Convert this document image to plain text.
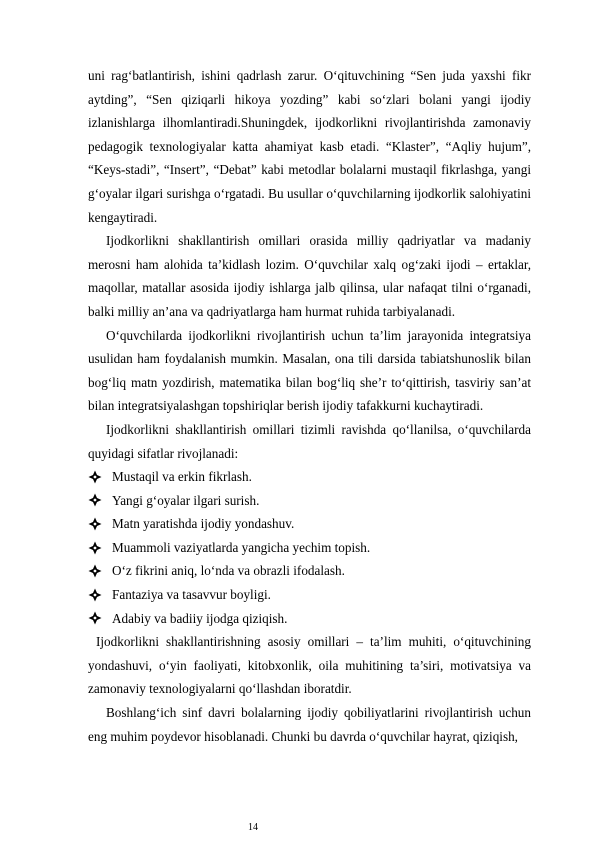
uni rag‘batlantirish, ishini qadrlash zarur. O‘qituvchining “Sen juda yaxshi fikr aytding”, “Sen qiziqarli hikoya yozding” kabi so‘zlari bolani yangi ijodiy izlanishlarga ilhomlantiradi.Shuningdek, ijodkorlikni rivojlantirishda zamonaviy pedagogik texnologiyalar katta ahamiyat kasb etadi. “Klaster”, “Aqliy hujum”, “Keys-stadi”, “Insert”, “Debat” kabi metodlar bolalarni mustaqil fikrlashga, yangi g‘oyalar ilgari surishga o‘rgatadi. Bu usullar o‘quvchilarning ijodkorlik salohiyatini kengaytiradi.

Ijodkorlikni shakllantirish omillari orasida milliy qadriyatlar va madaniy merosni ham alohida ta’kidlash lozim. O‘quvchilar xalq og‘zaki ijodi – ertaklar, maqollar, matallar asosida ijodiy ishlarga jalb qilinsa, ular nafaqat tilni o‘rganadi, balki milliy an’ana va qadriyatlarga ham hurmat ruhida tarbiyalanadi.

O‘quvchilarda ijodkorlikni rivojlantirish uchun ta’lim jarayonida integratsiya usulidan ham foydalanish mumkin. Masalan, ona tili darsida tabiatshunoslik bilan bog‘liq matn yozdirish, matematika bilan bog‘liq she’r to‘qittirish, tasviriy san’at bilan integratsiyalashgan topshiriqlar berish ijodiy tafakkurni kuchaytiradi.

Ijodkorlikni shakllantirish omillari tizimli ravishda qo‘llanilsa, o‘quvchilarda quyidagi sifatlar rivojlanadi:

Mustaqil va erkin fikrlash.
Yangi g‘oyalar ilgari surish.
Matn yaratishda ijodiy yondashuv.
Muammoli vaziyatlarda yangicha yechim topish.
O‘z fikrini aniq, lo‘nda va obrazli ifodalash.
Fantaziya va tasavvur boyligi.
Adabiy va badiiy ijodga qiziqish.

Ijodkorlikni shakllantirishning asosiy omillari – ta’lim muhiti, o‘qituvchining yondashuvi, o‘yin faoliyati, kitobxonlik, oila muhitining ta’siri, motivatsiya va zamonaviy texnologiyalarni qo‘llashdan iboratdir.

Boshlang‘ich sinf davri bolalarning ijodiy qobiliyatlarini rivojlantirish uchun eng muhim poydevor hisoblanadi. Chunki bu davrda o‘quvchilar hayrat, qiziqish,

14
